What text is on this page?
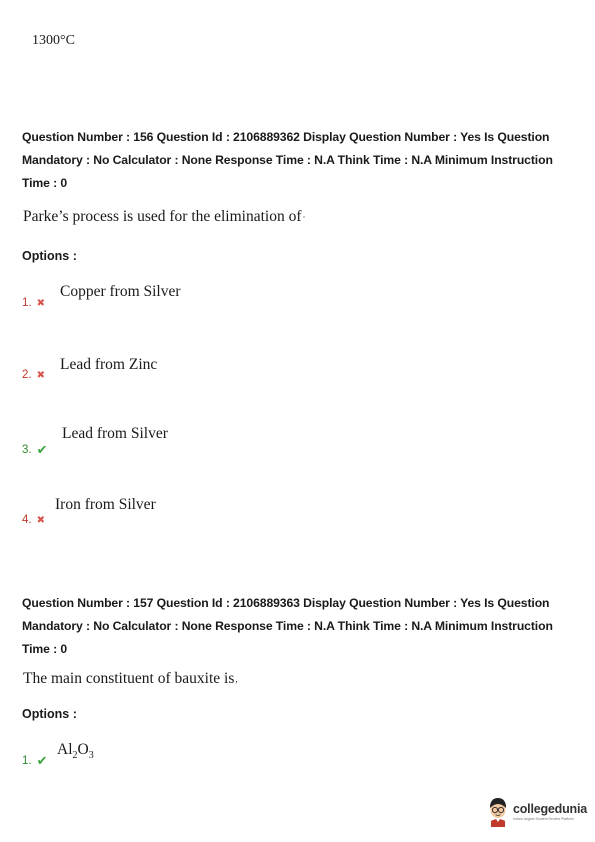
1300°C
Question Number : 156 Question Id : 2106889362 Display Question Number : Yes Is Question
Mandatory : No Calculator : None Response Time : N.A Think Time : N.A Minimum Instruction
Time : 0
Parke’s process is used for the elimination of·
Options :
1. ✖
Copper from Silver
2. ✖
Lead from Zinc
3. ✔
Lead from Silver
4. ✖
Iron from Silver
Question Number : 157 Question Id : 2106889363 Display Question Number : Yes Is Question
Mandatory : No Calculator : None Response Time : N.A Think Time : N.A Minimum Instruction
Time : 0
The main constituent of bauxite is,
Options :
1. ✔
$Al_2O_3$
collegedunia
India's largest Student Review Platform
